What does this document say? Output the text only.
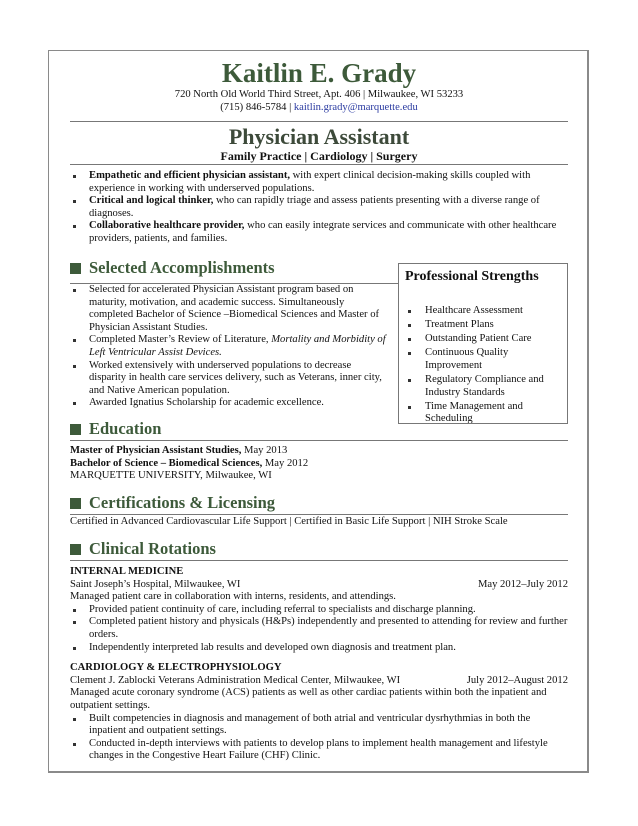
Kaitlin E. Grady
720 North Old World Third Street, Apt. 406 | Milwaukee, WI 53233
(715) 846-5784 | kaitlin.grady@marquette.edu
Physician Assistant
Family Practice | Cardiology | Surgery
Empathetic and efficient physician assistant, with expert clinical decision-making skills coupled with experience in working with underserved populations.
Critical and logical thinker, who can rapidly triage and assess patients presenting with a diverse range of diagnoses.
Collaborative healthcare provider, who can easily integrate services and communicate with other healthcare providers, patients, and families.
Selected Accomplishments
Selected for accelerated Physician Assistant program based on maturity, motivation, and academic success. Simultaneously completed Bachelor of Science –Biomedical Sciences and Master of Physician Assistant Studies.
Completed Master’s Review of Literature, Mortality and Morbidity of Left Ventricular Assist Devices.
Worked extensively with underserved populations to decrease disparity in health care services delivery, such as Veterans, inner city, and Native American population.
Awarded Ignatius Scholarship for academic excellence.
Professional Strengths
Healthcare Assessment
Treatment Plans
Outstanding Patient Care
Continuous Quality Improvement
Regulatory Compliance and Industry Standards
Time Management and Scheduling
Education
Master of Physician Assistant Studies, May 2013
Bachelor of Science – Biomedical Sciences, May 2012
MARQUETTE UNIVERSITY, Milwaukee, WI
Certifications & Licensing
Certified in Advanced Cardiovascular Life Support | Certified in Basic Life Support | NIH Stroke Scale
Clinical Rotations
INTERNAL MEDICINE
Saint Joseph’s Hospital, Milwaukee, WI	May 2012–July 2012
Managed patient care in collaboration with interns, residents, and attendings.
Provided patient continuity of care, including referral to specialists and discharge planning.
Completed patient history and physicals (H&Ps) independently and presented to attending for review and further orders.
Independently interpreted lab results and developed own diagnosis and treatment plan.
CARDIOLOGY & ELECTROPHYSIOLOGY
Clement J. Zablocki Veterans Administration Medical Center, Milwaukee, WI	July 2012–August 2012
Managed acute coronary syndrome (ACS) patients as well as other cardiac patients within both the inpatient and outpatient settings.
Built competencies in diagnosis and management of both atrial and ventricular dysrhythmias in both the inpatient and outpatient settings.
Conducted in-depth interviews with patients to develop plans to implement health management and lifestyle changes in the Congestive Heart Failure (CHF) Clinic.
